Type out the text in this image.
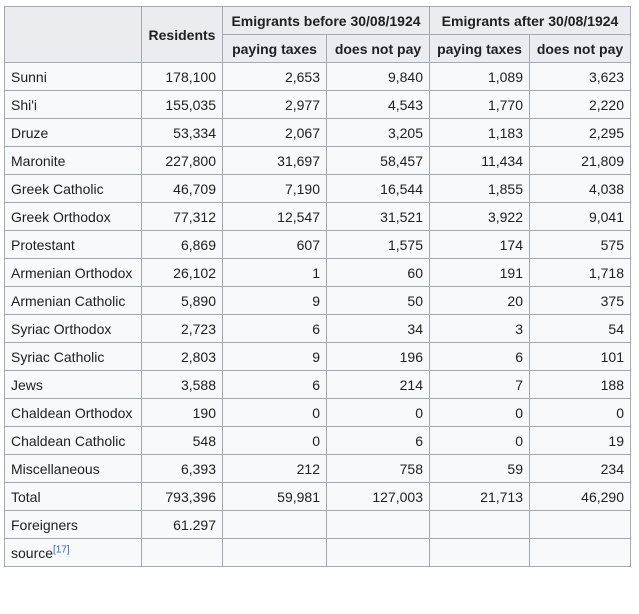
	Residents	Emigrants before 30/08/1924		Emigrants after 30/08/1924	
		paying taxes	does not pay	paying taxes	does not pay
Sunni	178,100	2,653	9,840	1,089	3,623
Shi'i	155,035	2,977	4,543	1,770	2,220
Druze	53,334	2,067	3,205	1,183	2,295
Maronite	227,800	31,697	58,457	11,434	21,809
Greek Catholic	46,709	7,190	16,544	1,855	4,038
Greek Orthodox	77,312	12,547	31,521	3,922	9,041
Protestant	6,869	607	1,575	174	575
Armenian Orthodox	26,102	1	60	191	1,718
Armenian Catholic	5,890	9	50	20	375
Syriac Orthodox	2,723	6	34	3	54
Syriac Catholic	2,803	9	196	6	101
Jews	3,588	6	214	7	188
Chaldean Orthodox	190	0	0	0	0
Chaldean Catholic	548	0	6	0	19
Miscellaneous	6,393	212	758	59	234
Total	793,396	59,981	127,003	21,713	46,290
Foreigners	61.297				
source[17]					
